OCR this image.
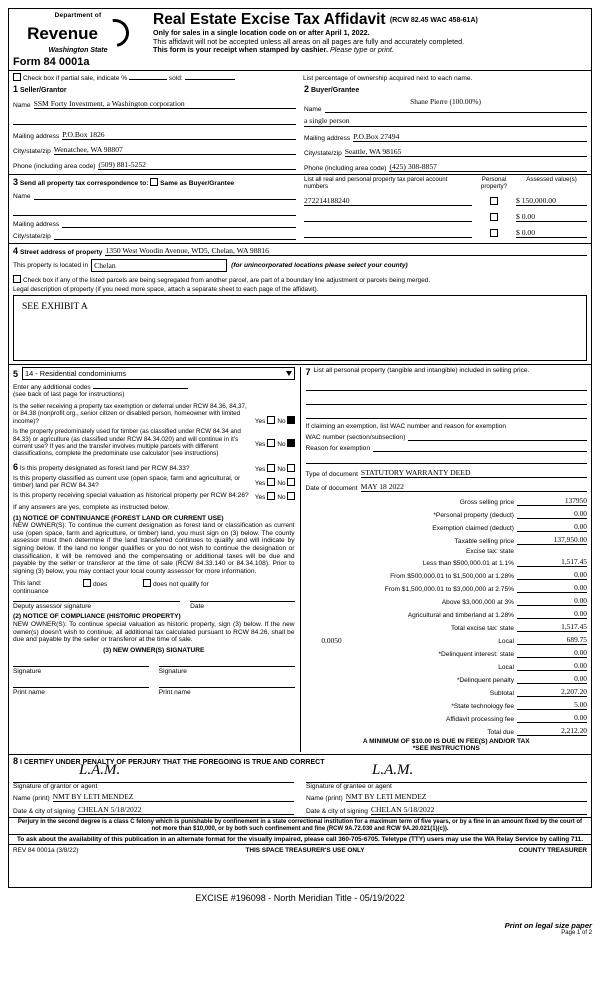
Department of
Revenue
Washington State
Form 84 0001a
Real Estate Excise Tax Affidavit (RCW 82.45 WAC 458-61A)
Only for sales in a single location code on or after April 1, 2022.
This affidavit will not be accepted unless all areas on all pages are fully and accurately completed.
This form is your receipt when stamped by cashier. Please type or print.
Check box if partial sale, indicate %	sold:	List percentage of ownership acquired next to each name.
1 Seller/Grantor
Name SSM Forty Investment, a Washington corporation
Mailing address P.O.Box 1826
City/state/zip Wenatchee, WA 98807
Phone (including area code) (509) 881-5252
2 Buyer/Grantee
Shane Pierre (100.00%)
Name
a single person
Mailing address P.O.Box 27494
City/state/zip Seattle, WA 98165
Phone (including area code) (425) 308-8857
3 Send all property tax correspondence to: Same as Buyer/Grantee
Name
Mailing address
City/state/zip
List all real and personal property tax parcel account numbers
Personal property?
Assessed value(s)
272214188240	$ 150,000.00
$ 0.00
$ 0.00
4 Street address of property 1350 West Woodin Avenue, WD5, Chelan, WA 98816
This property is located in Chelan	(for unincorporated locations please select your county)
Check box if any of the listed parcels are being segregated from another parcel, are part of a boundary line adjustment or parcels being merged.
Legal description of property (if you need more space, attach a separate sheet to each page of the affidavit).
SEE EXHIBIT A
5 14 - Residential condominiums
Enter any additional codes
(see back of last page for instructions)
Is the seller receiving a property tax exemption or deferral under RCW 84.36, 84.37, or 84.38 (nonprofit org., senior citizen or disabled person, homeowner with limited income)?	Yes No
Is the property predominately used for timber (as classified under RCW 84.34 and 84.33) or agriculture (as classified under RCW 84.34.020) and will continue in it's current use? If yes and the transfer involves multiple parcels with different classifications, complete the predominate use calculator (see instructions)
Yes No
6 Is this property designated as forest land per RCW 84.33?	Yes No
Is this property classified as current use (open space, farm and agricultural, or timber) land per RCW 84.34?	Yes No
Is this property receiving special valuation as historical property per RCW 84.26? Yes No
If any answers are yes, complete as instructed below.
(1) NOTICE OF CONTINUANCE (FOREST LAND OR CURRENT USE)
NEW OWNER(S): To continue the current designation as forest land or classification as current use (open space, farm and agriculture, or timber) land, you must sign on (3) below. The county assessor must then determine if the land transferred continues to qualify and will indicate by signing below. If the land no longer qualifies or you do not wish to continue the designation or classification, it will be removed and the compensating or additional taxes will be due and payable by the seller or transferor at the time of sale (RCW 84.33.140 or 84.34.108). Prior to signing (3) below, you may contact your local county assessor for more information.
This land:	does	does not qualify for
continuance
Deputy assessor signature	Date
(2) NOTICE OF COMPLIANCE (HISTORIC PROPERTY)
NEW OWNER(S): To continue special valuation as historic property, sign (3) below. If the new owner(s) doesn't wish to continue, all additional tax calculated pursuant to RCW 84.26, shall be due and payable by the seller or transferor at the time of sale.
(3) NEW OWNER(S) SIGNATURE
Signature	Signature
Print name	Print name
7 List all personal property (tangible and intangible) included in selling price.
If claiming an exemption, list WAC number and reason for exemption
WAC number (section/subsection)
Reason for exemption
Type of document STATUTORY WARRANTY DEED
Date of document MAY 18 2022
Gross selling price	137950
*Personal property (deduct)	0.00
Exemption claimed (deduct)	0.00
Taxable selling price	137,950.00
Excise tax: state
Less than $500,000.01 at 1.1%	1,517.45
From $500,000.01 to $1,500,000 at 1.28%	0.00
From $1,500,000.01 to $3,000,000 at 2.75%	0.00
Above $3,000,000 at 3%	0.00
Agricultural and timberland at 1.28%	0.00
Total excise tax: state	1,517.45
0.0050	Local	689.75
*Delinquent interest: state	0.00
Local	0.00
*Delinquent penalty	0.00
Subtotal	2,207.20
*State technology fee	5.00
Affidavit processing fee	0.00
Total due	2,212.20
A MINIMUM OF $10.00 IS DUE IN FEE(S) AND/OR TAX
*SEE INSTRUCTIONS
8 I CERTIFY UNDER PENALTY OF PERJURY THAT THE FOREGOING IS TRUE AND CORRECT
L.A.M.
Signature of grantor or agent
Name (print) NMT BY LETI MENDEZ
Date & city of signing CHELAN 5/18/2022
L.A.M.
Signature of grantee or agent
Name (print) NMT BY LETI MENDEZ
Date & city of signing CHELAN 5/18/2022
Perjury in the second degree is a class C felony which is punishable by confinement in a state correctional institution for a maximum term of five years, or by a fine in an amount fixed by the court of not more than $10,000, or by both such confinement and fine (RCW 9A.72.030 and RCW 9A.20.021(1)(c)).
To ask about the availability of this publication in an alternate format for the visually impaired, please call 360-705-6705. Teletype (TTY) users may use the WA Relay Service by calling 711.
REV 84 0001a (3/8/22)	THIS SPACE TREASURER'S USE ONLY	COUNTY TREASURER
EXCISE #196098 - North Meridian Title - 05/19/2022
Print on legal size paper
Page 1 of 2
